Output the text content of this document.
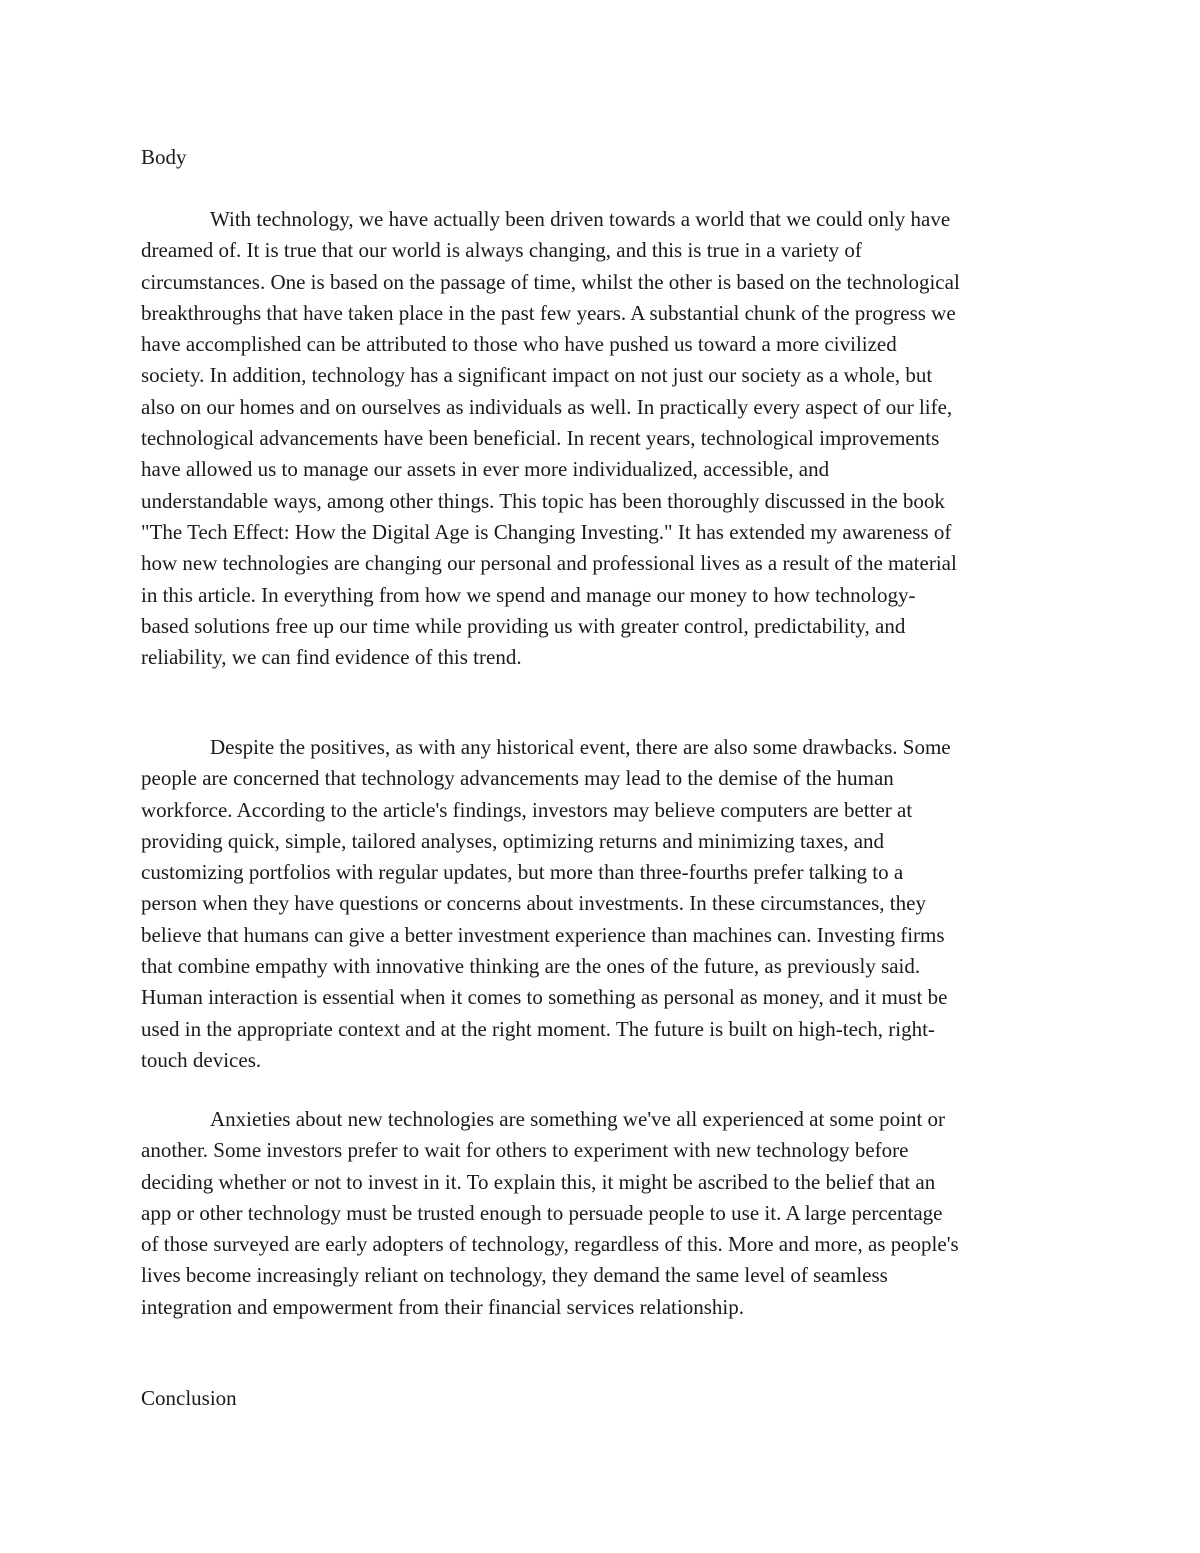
Body
With technology, we have actually been driven towards a world that we could only have
dreamed of. It is true that our world is always changing, and this is true in a variety of
circumstances. One is based on the passage of time, whilst the other is based on the technological
breakthroughs that have taken place in the past few years. A substantial chunk of the progress we
have accomplished can be attributed to those who have pushed us toward a more civilized
society. In addition, technology has a significant impact on not just our society as a whole, but
also on our homes and on ourselves as individuals as well. In practically every aspect of our life,
technological advancements have been beneficial. In recent years, technological improvements
have allowed us to manage our assets in ever more individualized, accessible, and
understandable ways, among other things. This topic has been thoroughly discussed in the book
"The Tech Effect: How the Digital Age is Changing Investing." It has extended my awareness of
how new technologies are changing our personal and professional lives as a result of the material
in this article. In everything from how we spend and manage our money to how technology-
based solutions free up our time while providing us with greater control, predictability, and
reliability, we can find evidence of this trend.
Despite the positives, as with any historical event, there are also some drawbacks. Some
people are concerned that technology advancements may lead to the demise of the human
workforce. According to the article's findings, investors may believe computers are better at
providing quick, simple, tailored analyses, optimizing returns and minimizing taxes, and
customizing portfolios with regular updates, but more than three-fourths prefer talking to a
person when they have questions or concerns about investments. In these circumstances, they
believe that humans can give a better investment experience than machines can. Investing firms
that combine empathy with innovative thinking are the ones of the future, as previously said.
Human interaction is essential when it comes to something as personal as money, and it must be
used in the appropriate context and at the right moment. The future is built on high-tech, right-
touch devices.
Anxieties about new technologies are something we've all experienced at some point or
another. Some investors prefer to wait for others to experiment with new technology before
deciding whether or not to invest in it. To explain this, it might be ascribed to the belief that an
app or other technology must be trusted enough to persuade people to use it. A large percentage
of those surveyed are early adopters of technology, regardless of this. More and more, as people's
lives become increasingly reliant on technology, they demand the same level of seamless
integration and empowerment from their financial services relationship.
Conclusion
